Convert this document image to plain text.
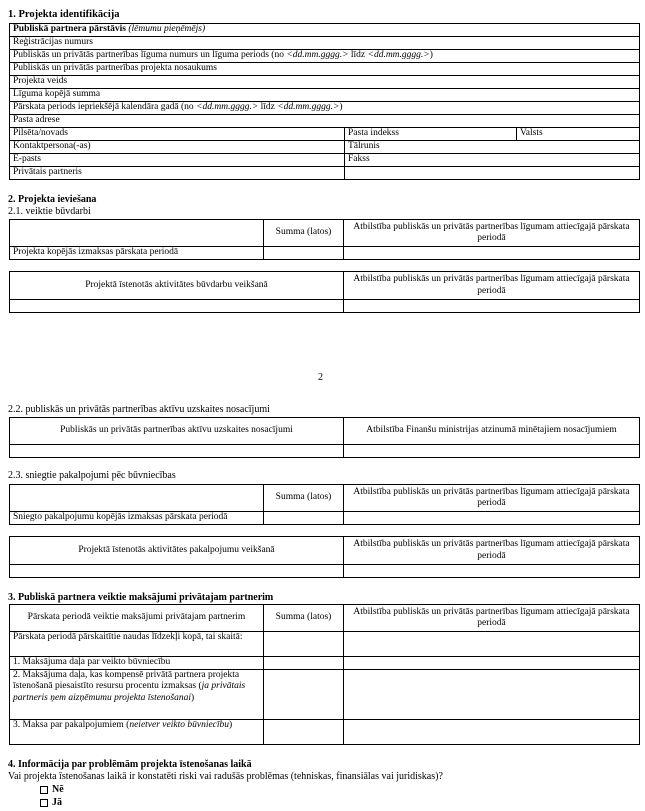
1. Projekta identifikācija
Publiskā partnera pārstāvis (lēmumu pieņēmējs)		
Reģistrācijas numurs		
Publiskās un privātās partnerības līguma numurs un līguma periods (no <dd.mm.gggg.> līdz <dd.mm.gggg.>)		
Publiskās un privātās partnerības projekta nosaukums		
Projekta veids		
Līguma kopējā summa		
Pārskata periods iepriekšējā kalendāra gadā (no <dd.mm.gggg.> līdz <dd.mm.gggg.>)		
Pasta adrese		
Pilsēta/novads	Pasta indekss	Valsts
Kontaktpersona(-as)	Tālrunis	
E-pasts	Fakss	
Privātais partneris		
2. Projekta ieviešana
2.1. veiktie būvdarbi
	Summa (latos)	Atbilstība publiskās un privātās partnerības līgumam attiecīgajā pārskata periodā
Projekta kopējās izmaksas pārskata periodā		
Projektā īstenotās aktivitātes būvdarbu veikšanā	Atbilstība publiskās un privātās partnerības līgumam attiecīgajā pārskata periodā

2
2.2. publiskās un privātās partnerības aktīvu uzskaites nosacījumi
Publiskās un privātās partnerības aktīvu uzskaites nosacījumi	Atbilstība Finanšu ministrijas atzinumā minētajiem nosacījumiem

2.3. sniegtie pakalpojumi pēc būvniecības
	Summa (latos)	Atbilstība publiskās un privātās partnerības līgumam attiecīgajā pārskata periodā
Sniegto pakalpojumu kopējās izmaksas pārskata periodā		
Projektā īstenotās aktivitātes pakalpojumu veikšanā	Atbilstība publiskās un privātās partnerības līgumam attiecīgajā pārskata periodā

3. Publiskā partnera veiktie maksājumi privātajam partnerim
Pārskata periodā veiktie maksājumi privātajam partnerim	Summa (latos)	Atbilstība publiskās un privātās partnerības līgumam attiecīgajā pārskata periodā
Pārskata periodā pārskaitītie naudas līdzekļi kopā, tai skaitā:		
1. Maksājuma daļa par veikto būvniecību		
2. Maksājuma daļa, kas kompensē privātā partnera projekta īstenošanā piesaistīto resursu procentu izmaksas (ja privātais partneris ņem aizņēmumu projekta īstenošanai)		
3. Maksa par pakalpojumiem (neietver veikto būvniecību)		
4. Informācija par problēmām projekta īstenošanas laikā
Vai projekta īstenošanas laikā ir konstatēti riski vai radušās problēmas (tehniskas, finansiālas vai juridiskas)?
Nē
Jā
